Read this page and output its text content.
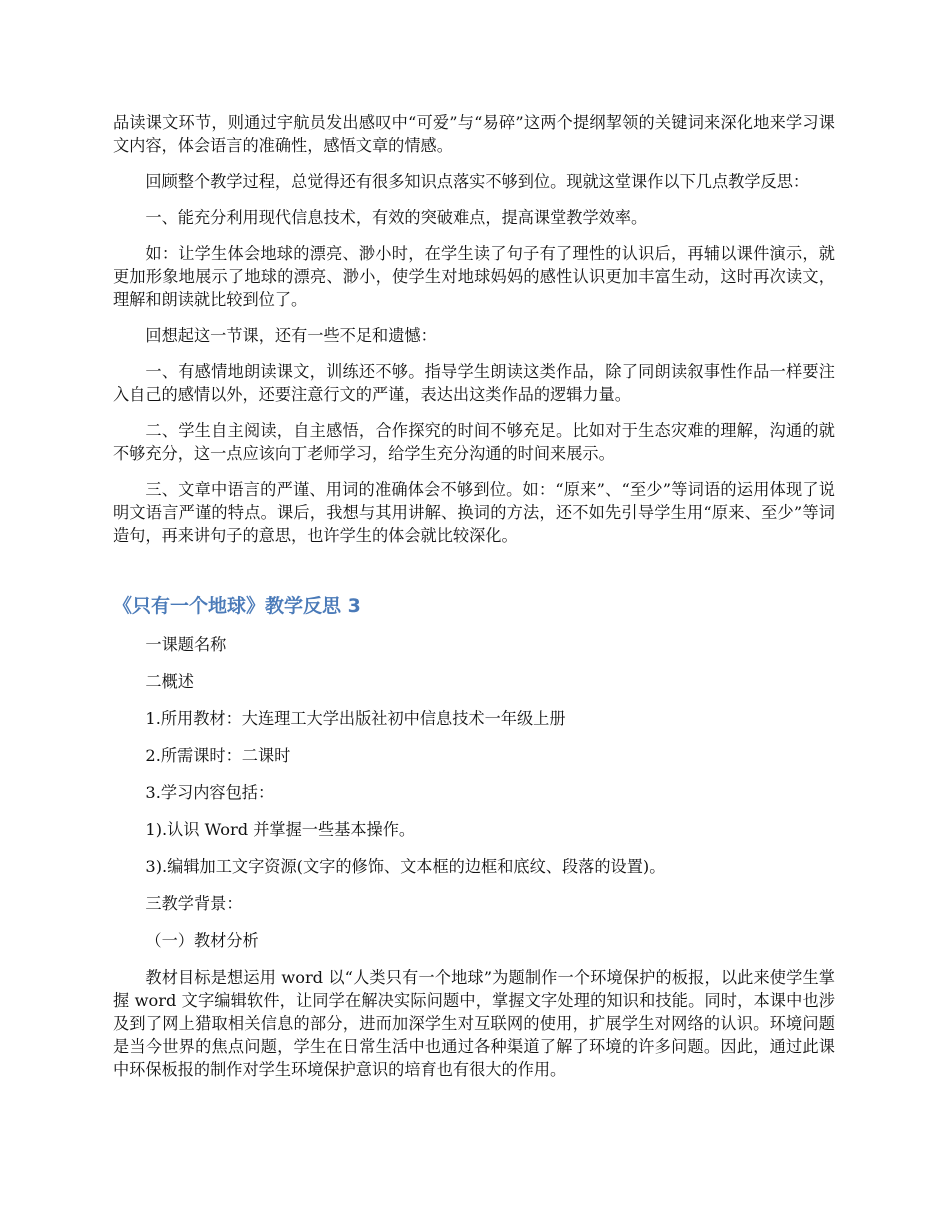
品读课文环节，则通过宇航员发出感叹中“可爱”与“易碎”这两个提纲挈领的关键词来深化地来学习课文内容，体会语言的准确性，感悟文章的情感。

回顾整个教学过程，总觉得还有很多知识点落实不够到位。现就这堂课作以下几点教学反思：

一、能充分利用现代信息技术，有效的突破难点，提高课堂教学效率。

如：让学生体会地球的漂亮、渺小时，在学生读了句子有了理性的认识后，再辅以课件演示，就更加形象地展示了地球的漂亮、渺小，使学生对地球妈妈的感性认识更加丰富生动，这时再次读文，理解和朗读就比较到位了。

回想起这一节课，还有一些不足和遗憾：

一、有感情地朗读课文，训练还不够。指导学生朗读这类作品，除了同朗读叙事性作品一样要注入自己的感情以外，还要注意行文的严谨，表达出这类作品的逻辑力量。

二、学生自主阅读，自主感悟，合作探究的时间不够充足。比如对于生态灾难的理解，沟通的就不够充分，这一点应该向丁老师学习，给学生充分沟通的时间来展示。

三、文章中语言的严谨、用词的准确体会不够到位。如：“原来”、“至少”等词语的运用体现了说明文语言严谨的特点。课后，我想与其用讲解、换词的方法，还不如先引导学生用“原来、至少”等词造句，再来讲句子的意思，也许学生的体会就比较深化。

《只有一个地球》教学反思 3

一课题名称

二概述

1.所用教材：大连理工大学出版社初中信息技术一年级上册

2.所需课时：二课时

3.学习内容包括：

1).认识 Word 并掌握一些基本操作。

3).编辑加工文字资源(文字的修饰、文本框的边框和底纹、段落的设置)。

三教学背景：

（一）教材分析

教材目标是想运用 word 以“人类只有一个地球”为题制作一个环境保护的板报，以此来使学生掌握 word 文字编辑软件，让同学在解决实际问题中，掌握文字处理的知识和技能。同时，本课中也涉及到了网上猎取相关信息的部分，进而加深学生对互联网的使用，扩展学生对网络的认识。环境问题是当今世界的焦点问题，学生在日常生活中也通过各种渠道了解了环境的许多问题。因此，通过此课中环保板报的制作对学生环境保护意识的培育也有很大的作用。
